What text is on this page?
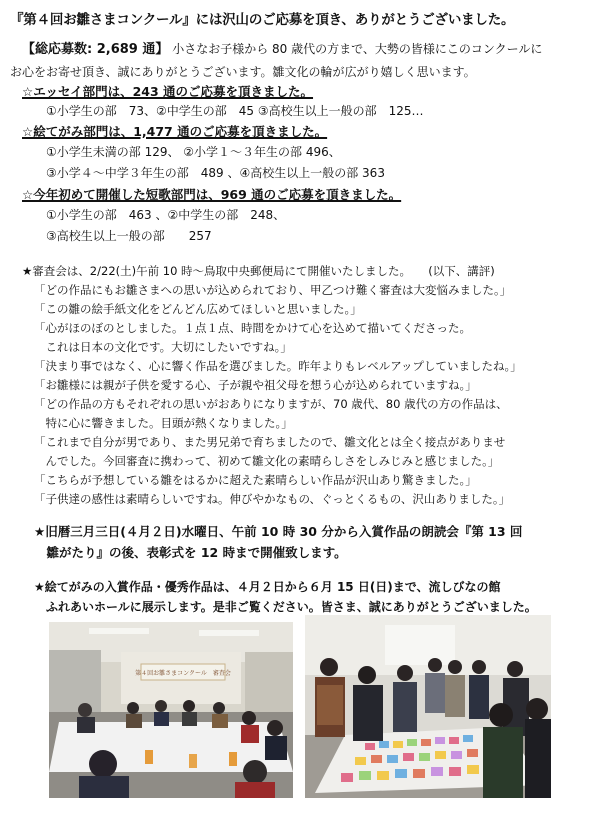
『第４回お雛さまコンクール』には沢山のご応募を頂き、ありがとうございました。
【総応募数: 2,689 通】 小さなお子様から 80 歳代の方まで、大勢の皆様にこのコンクールに
お心をお寄せ頂き、誠にありがとうございます。雛文化の輪が広がり嬉しく思います。
☆エッセイ部門は、243 通のご応募を頂きました。
①小学生の部　73、②中学生の部　45 ③高校生以上一般の部　125…
☆絵てがみ部門は、1,477 通のご応募を頂きました。
①小学生未満の部 129、 ②小学１～３年生の部 496、
③小学４～中学３年生の部　489 、④高校生以上一般の部 363
☆今年初めて開催した短歌部門は、969 通のご応募を頂きました。
①小学生の部　463 、②中学生の部　248、
③高校生以上一般の部　　257
★審査会は、2/22(土)午前 10 時～鳥取中央郵便局にて開催いたしました。　　(以下、講評)
「どの作品にもお雛さまへの思いが込められており、甲乙つけ難く審査は大変悩みました。」
「この雛の絵手紙文化をどんどん広めてほしいと思いました。」
「心がほのぼのとしました。１点１点、時間をかけて心を込めて描いてくださった。
　これは日本の文化です。大切にしたいですね。」
「決まり事ではなく、心に響く作品を選びました。昨年よりもレベルアップしていましたね。」
「お雛様には親が子供を愛する心、子が親や祖父母を想う心が込められていますね。」
「どの作品の方もそれぞれの思いがおありになりますが、70 歳代、80 歳代の方の作品は、
　特に心に響きました。目頭が熱くなりました。」
「これまで自分が男であり、また男兄弟で育ちましたので、雛文化とは全く接点がありませ
　んでした。今回審査に携わって、初めて雛文化の素晴らしさをしみじみと感じました。」
「こちらが予想している雛をはるかに超えた素晴らしい作品が沢山あり驚きました。」
「子供達の感性は素晴らしいですね。伸びやかなもの、ぐっとくるもの、沢山ありました。」
★旧暦三月三日(４月２日)水曜日、午前 10 時 30 分から入賞作品の朗読会『第 13 回
　雛がたり』の後、表彰式を 12 時まで開催致します。
★絵てがみの入賞作品・優秀作品は、４月２日から６月 15 日(日)まで、流しびなの館
　ふれあいホールに展示します。是非ご覧ください。皆さま、誠にありがとうございました。
第４回お雛さまコンクール　審査会
